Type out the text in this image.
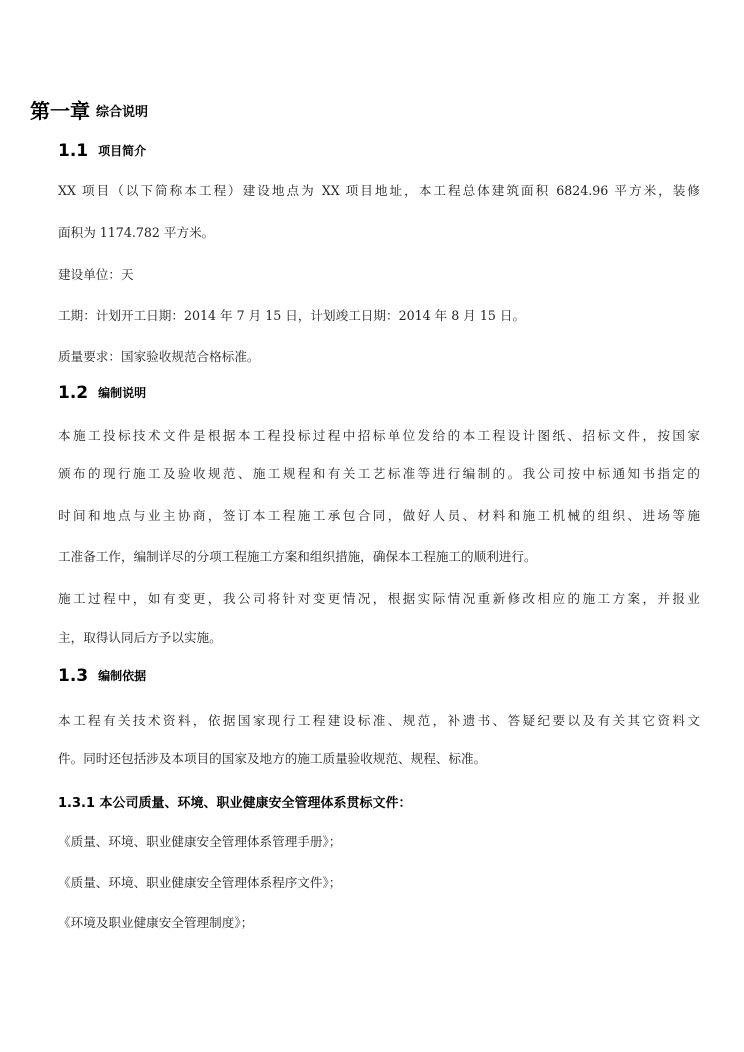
第一章 综合说明
1.1 项目简介
XX 项目（以下简称本工程）建设地点为 XX 项目地址，本工程总体建筑面积 6824.96 平方米，装修
面积为 1174.782 平方米。
建设单位：天
工期：计划开工日期：2014 年 7 月 15 日，计划竣工日期：2014 年 8 月 15 日。
质量要求：国家验收规范合格标准。
1.2 编制说明
本施工投标技术文件是根据本工程投标过程中招标单位发给的本工程设计图纸、招标文件，按国家
颁布的现行施工及验收规范、施工规程和有关工艺标准等进行编制的。我公司按中标通知书指定的
时间和地点与业主协商，签订本工程施工承包合同，做好人员、材料和施工机械的组织、进场等施
工准备工作，编制详尽的分项工程施工方案和组织措施，确保本工程施工的顺利进行。
施工过程中，如有变更，我公司将针对变更情况，根据实际情况重新修改相应的施工方案，并报业
主，取得认同后方予以实施。
1.3 编制依据
本工程有关技术资料，依据国家现行工程建设标准、规范，补遗书、答疑纪要以及有关其它资料文
件。同时还包括涉及本项目的国家及地方的施工质量验收规范、规程、标准。
1.3.1 本公司质量、环境、职业健康安全管理体系贯标文件：
《质量、环境、职业健康安全管理体系管理手册》；
《质量、环境、职业健康安全管理体系程序文件》；
《环境及职业健康安全管理制度》；
